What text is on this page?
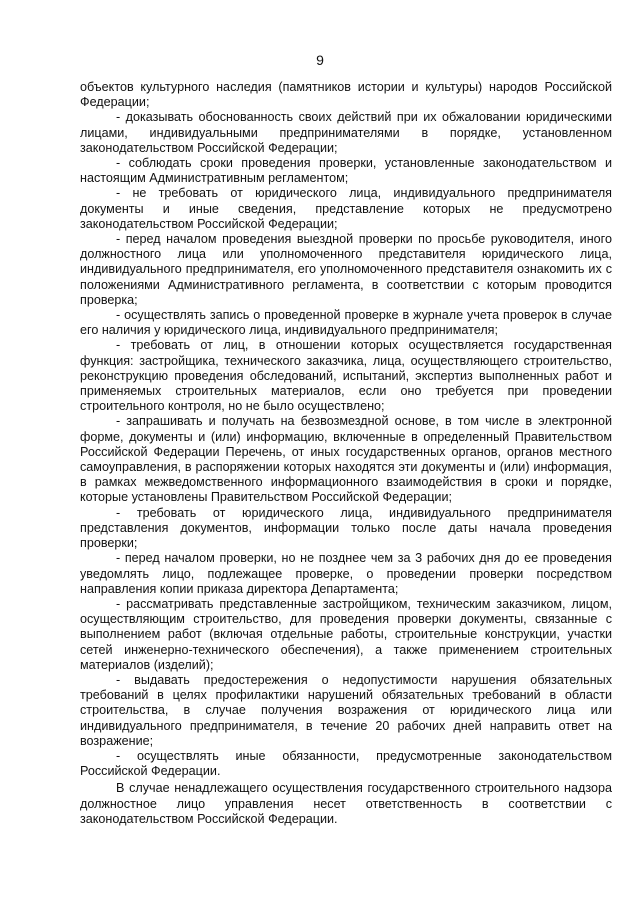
9

объектов культурного наследия (памятников истории и культуры) народов Российской Федерации;

- доказывать обоснованность своих действий при их обжаловании юридическими лицами, индивидуальными предпринимателями в порядке, установленном законодательством Российской Федерации;

- соблюдать сроки проведения проверки, установленные законодательством и настоящим Административным регламентом;

- не требовать от юридического лица, индивидуального предпринимателя документы и иные сведения, представление которых не предусмотрено законодательством Российской Федерации;

- перед началом проведения выездной проверки по просьбе руководителя, иного должностного лица или уполномоченного представителя юридического лица, индивидуального предпринимателя, его уполномоченного представителя ознакомить их с положениями Административного регламента, в соответствии с которым проводится проверка;

- осуществлять запись о проведенной проверке в журнале учета проверок в случае его наличия у юридического лица, индивидуального предпринимателя;

- требовать от лиц, в отношении которых осуществляется государственная функция: застройщика, технического заказчика, лица, осуществляющего строительство, реконструкцию проведения обследований, испытаний, экспертиз выполненных работ и применяемых строительных материалов, если оно требуется при проведении строительного контроля, но не было осуществлено;

- запрашивать и получать на безвозмездной основе, в том числе в электронной форме, документы и (или) информацию, включенные в определенный Правительством Российской Федерации Перечень, от иных государственных органов, органов местного самоуправления, в распоряжении которых находятся эти документы и (или) информация, в рамках межведомственного информационного взаимодействия в сроки и порядке, которые установлены Правительством Российской Федерации;

- требовать от юридического лица, индивидуального предпринимателя представления документов, информации только после даты начала проведения проверки;

- перед началом проверки, но не позднее чем за 3 рабочих дня до ее проведения уведомлять лицо, подлежащее проверке, о проведении проверки посредством направления копии приказа директора Департамента;

- рассматривать представленные застройщиком, техническим заказчиком, лицом, осуществляющим строительство, для проведения проверки документы, связанные с выполнением работ (включая отдельные работы, строительные конструкции, участки сетей инженерно-технического обеспечения), а также применением строительных материалов (изделий);

- выдавать предостережения о недопустимости нарушения обязательных требований в целях профилактики нарушений обязательных требований в области строительства, в случае получения возражения от юридического лица или индивидуального предпринимателя, в течение 20 рабочих дней направить ответ на возражение;

- осуществлять иные обязанности, предусмотренные законодательством Российской Федерации.

В случае ненадлежащего осуществления государственного строительного надзора должностное лицо управления несет ответственность в соответствии с законодательством Российской Федерации.
